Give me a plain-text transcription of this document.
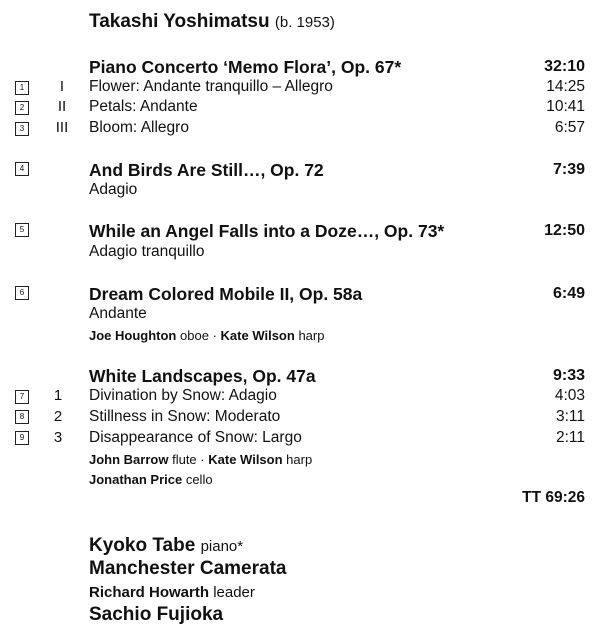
Takashi Yoshimatsu (b. 1953)
Piano Concerto ‘Memo Flora’, Op. 67*	32:10
1	I	Flower: Andante tranquillo – Allegro	14:25
2	II	Petals: Andante	10:41
3	III Bloom: Allegro	6:57
4	And Birds Are Still…, Op. 72	7:39
Adagio
5	While an Angel Falls into a Doze…, Op. 73*	12:50
Adagio tranquillo
6	Dream Colored Mobile II, Op. 58a	6:49
Andante
Joe Houghton oboe · Kate Wilson harp
White Landscapes, Op. 47a	9:33
7	1	Divination by Snow: Adagio	4:03
8	2	Stillness in Snow: Moderato	3:11
9	3	Disappearance of Snow: Largo	2:11
John Barrow flute · Kate Wilson harp
Jonathan Price cello
TT 69:26
Kyoko Tabe piano*
Manchester Camerata
Richard Howarth leader
Sachio Fujioka
